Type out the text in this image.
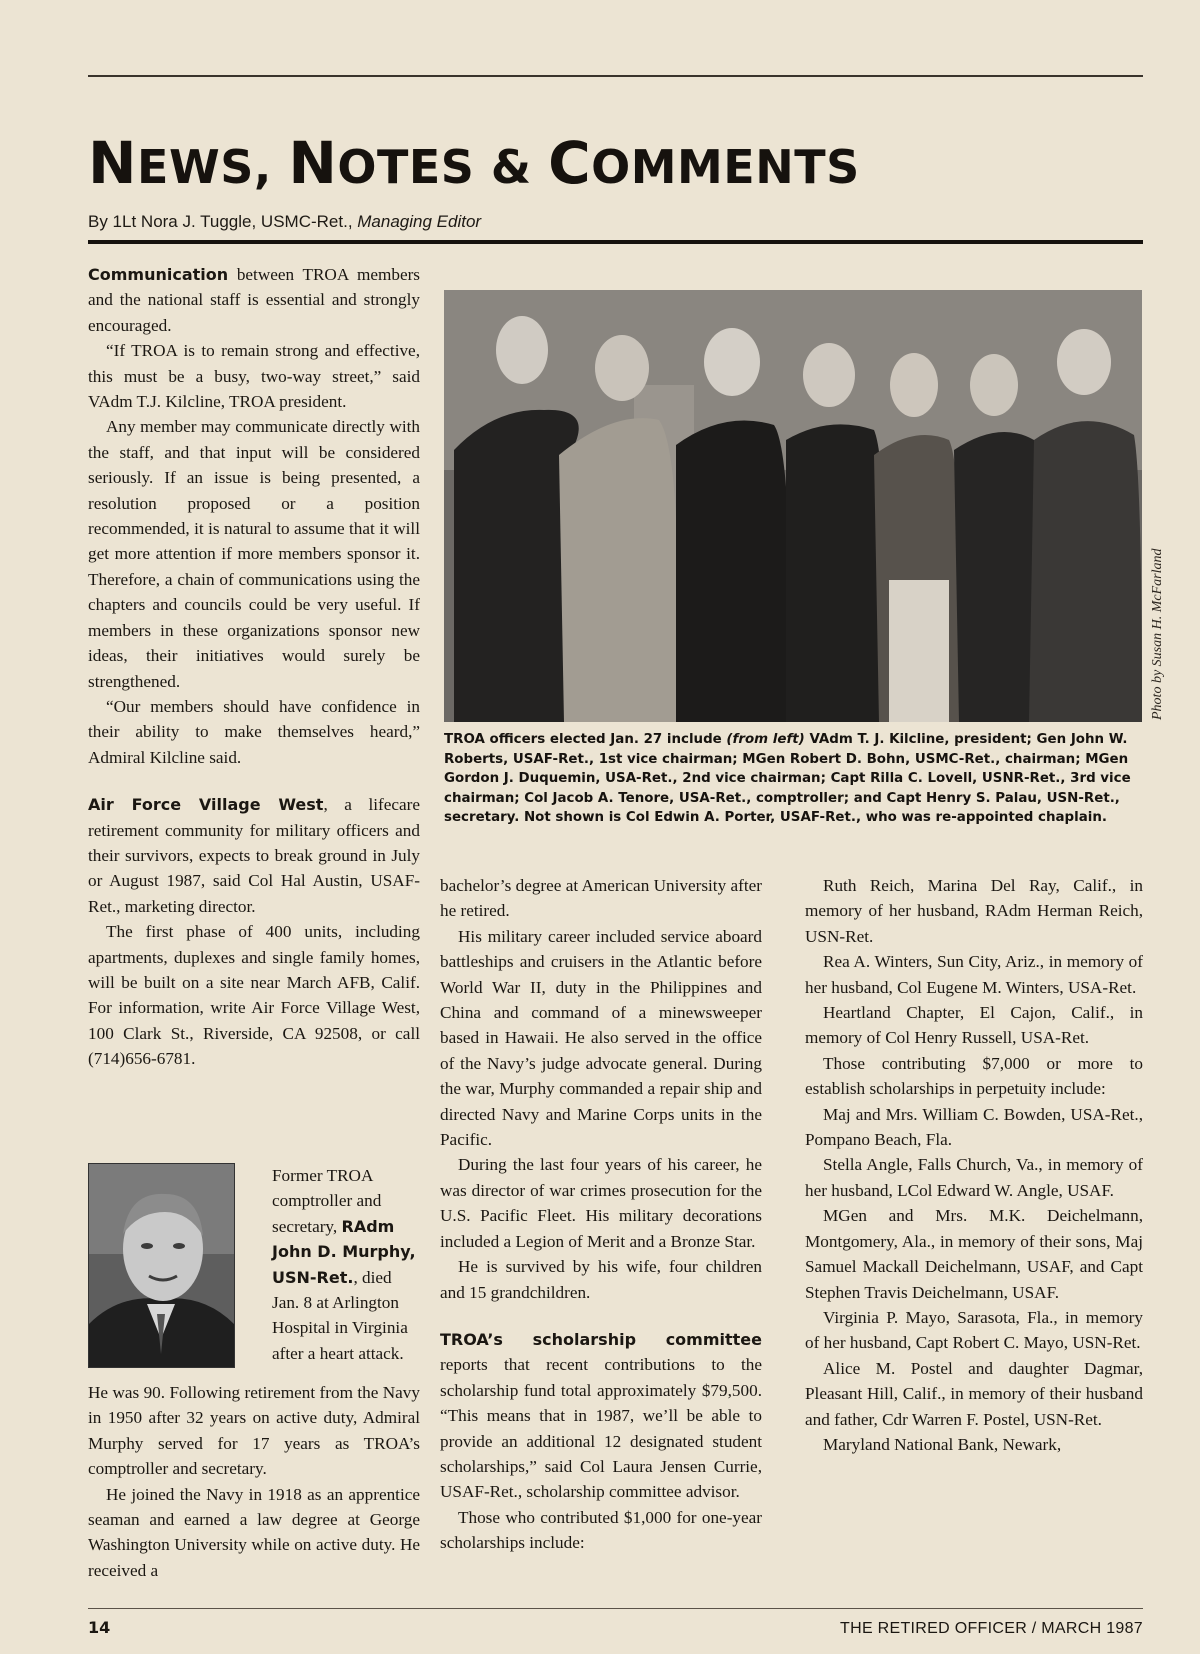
NEWS, NOTES & COMMENTS
By 1Lt Nora J. Tuggle, USMC-Ret., Managing Editor

Communication between TROA members and the national staff is essential and strongly encouraged.

“If TROA is to remain strong and effective, this must be a busy, two-way street,” said VAdm T.J. Kilcline, TROA president.

Any member may communicate directly with the staff, and that input will be considered seriously. If an issue is being presented, a resolution proposed or a position recommended, it is natural to assume that it will get more attention if more members sponsor it. Therefore, a chain of communications using the chapters and councils could be very useful. If members in these organizations sponsor new ideas, their initiatives would surely be strengthened.

“Our members should have confidence in their ability to make themselves heard,” Admiral Kilcline said.

Air Force Village West, a lifecare retirement community for military officers and their survivors, expects to break ground in July or August 1987, said Col Hal Austin, USAF-Ret., marketing director.

The first phase of 400 units, including apartments, duplexes and single family homes, will be built on a site near March AFB, Calif. For information, write Air Force Village West, 100 Clark St., Riverside, CA 92508, or call (714)656-6781.

Former TROA comptroller and secretary, RAdm John D. Murphy, USN-Ret., died Jan. 8 at Arlington Hospital in Virginia after a heart attack.

He was 90. Following retirement from the Navy in 1950 after 32 years on active duty, Admiral Murphy served for 17 years as TROA’s comptroller and secretary.

He joined the Navy in 1918 as an apprentice seaman and earned a law degree at George Washington University while on active duty. He received a

Photo by Susan H. McFarland
TROA officers elected Jan. 27 include (from left) VAdm T. J. Kilcline, president; Gen John W. Roberts, USAF-Ret., 1st vice chairman; MGen Robert D. Bohn, USMC-Ret., chairman; MGen Gordon J. Duquemin, USA-Ret., 2nd vice chairman; Capt Rilla C. Lovell, USNR-Ret., 3rd vice chairman; Col Jacob A. Tenore, USA-Ret., comptroller; and Capt Henry S. Palau, USN-Ret., secretary. Not shown is Col Edwin A. Porter, USAF-Ret., who was re-appointed chaplain.

bachelor’s degree at American University after he retired.

His military career included service aboard battleships and cruisers in the Atlantic before World War II, duty in the Philippines and China and command of a minewsweeper based in Hawaii. He also served in the office of the Navy’s judge advocate general. During the war, Murphy commanded a repair ship and directed Navy and Marine Corps units in the Pacific.

During the last four years of his career, he was director of war crimes prosecution for the U.S. Pacific Fleet. His military decorations included a Legion of Merit and a Bronze Star.

He is survived by his wife, four children and 15 grandchildren.

TROA’s scholarship committee reports that recent contributions to the scholarship fund total approximately $79,500. “This means that in 1987, we’ll be able to provide an additional 12 designated student scholarships,” said Col Laura Jensen Currie, USAF-Ret., scholarship committee advisor.

Those who contributed $1,000 for one-year scholarships include:

Ruth Reich, Marina Del Ray, Calif., in memory of her husband, RAdm Herman Reich, USN-Ret.

Rea A. Winters, Sun City, Ariz., in memory of her husband, Col Eugene M. Winters, USA-Ret.

Heartland Chapter, El Cajon, Calif., in memory of Col Henry Russell, USA-Ret.

Those contributing $7,000 or more to establish scholarships in perpetuity include:

Maj and Mrs. William C. Bowden, USA-Ret., Pompano Beach, Fla.

Stella Angle, Falls Church, Va., in memory of her husband, LCol Edward W. Angle, USAF.

MGen and Mrs. M.K. Deichelmann, Montgomery, Ala., in memory of their sons, Maj Samuel Mackall Deichelmann, USAF, and Capt Stephen Travis Deichelmann, USAF.

Virginia P. Mayo, Sarasota, Fla., in memory of her husband, Capt Robert C. Mayo, USN-Ret.

Alice M. Postel and daughter Dagmar, Pleasant Hill, Calif., in memory of their husband and father, Cdr Warren F. Postel, USN-Ret.

Maryland National Bank, Newark,

14	THE RETIRED OFFICER / MARCH 1987
